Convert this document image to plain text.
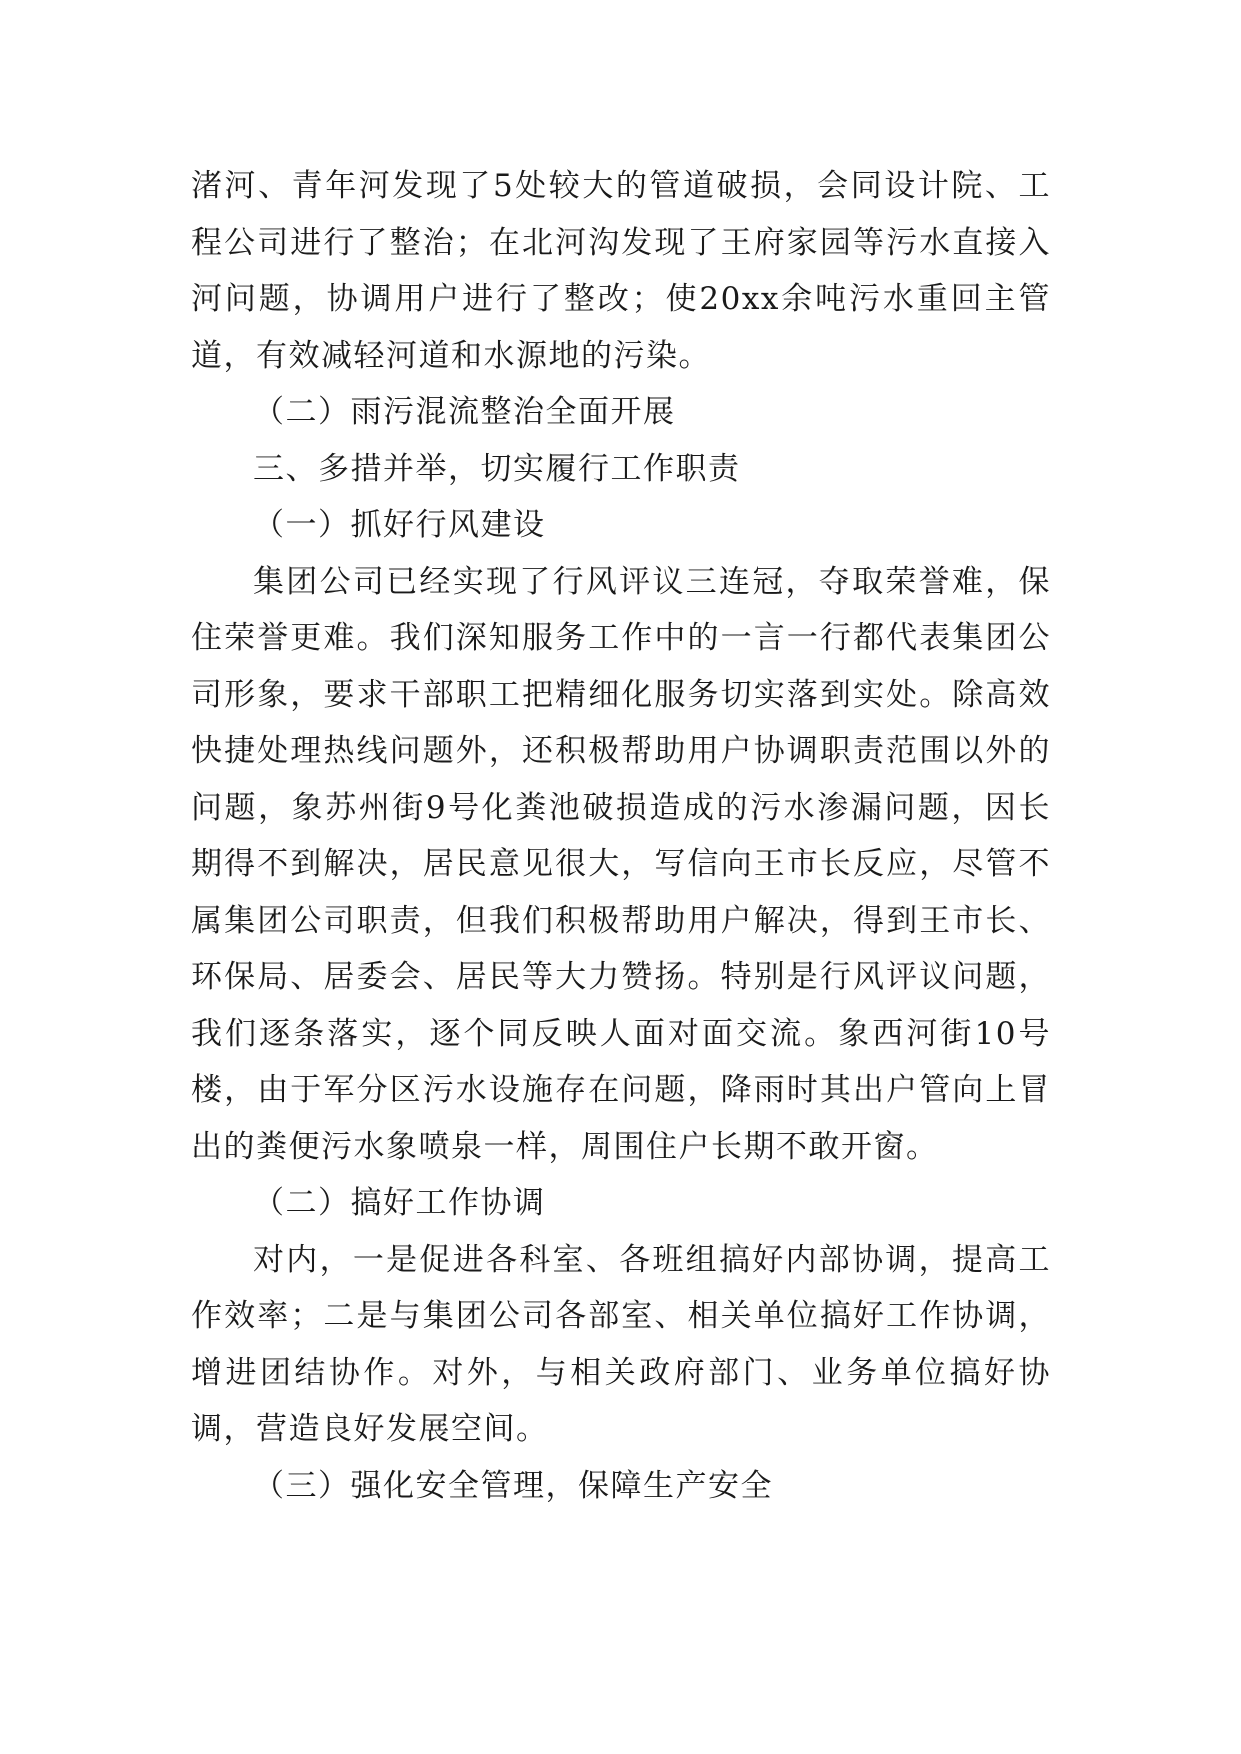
渚河、青年河发现了5处较大的管道破损，会同设计院、工程公司进行了整治；在北河沟发现了王府家园等污水直接入河问题，协调用户进行了整改；使20xx余吨污水重回主管道，有效减轻河道和水源地的污染。

（二）雨污混流整治全面开展

三、多措并举，切实履行工作职责

（一）抓好行风建设

集团公司已经实现了行风评议三连冠，夺取荣誉难，保住荣誉更难。我们深知服务工作中的一言一行都代表集团公司形象，要求干部职工把精细化服务切实落到实处。除高效快捷处理热线问题外，还积极帮助用户协调职责范围以外的问题，象苏州街9号化粪池破损造成的污水渗漏问题，因长期得不到解决，居民意见很大，写信向王市长反应，尽管不属集团公司职责，但我们积极帮助用户解决，得到王市长、环保局、居委会、居民等大力赞扬。特别是行风评议问题，我们逐条落实，逐个同反映人面对面交流。象西河街10号楼，由于军分区污水设施存在问题，降雨时其出户管向上冒出的粪便污水象喷泉一样，周围住户长期不敢开窗。

（二）搞好工作协调

对内，一是促进各科室、各班组搞好内部协调，提高工作效率；二是与集团公司各部室、相关单位搞好工作协调，增进团结协作。对外，与相关政府部门、业务单位搞好协调，营造良好发展空间。

（三）强化安全管理，保障生产安全
